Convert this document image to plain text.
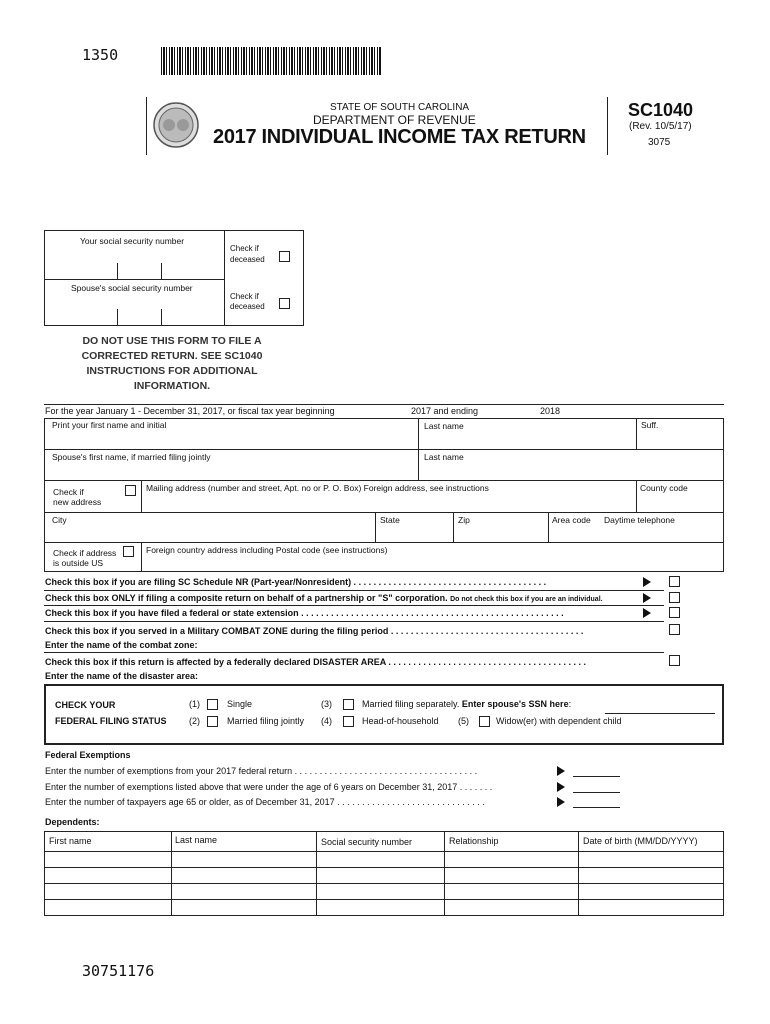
1350
STATE OF SOUTH CAROLINA
DEPARTMENT OF REVENUE
2017 INDIVIDUAL INCOME TAX RETURN
SC1040
(Rev. 10/5/17)
3075
Your social security number
Check if
deceased
Spouse's social security number
Check if
deceased
DO NOT USE THIS FORM TO FILE A
CORRECTED RETURN. SEE SC1040
INSTRUCTIONS FOR ADDITIONAL
INFORMATION.
For the year January 1 - December 31, 2017, or fiscal tax year beginning	2017 and ending	2018
Print your first name and initial	Last name	Suff.
Spouse's first name, if married filing jointly	Last name
Check if
new address
Mailing address (number and street, Apt. no or P. O. Box) Foreign address, see instructions	County code
City	State	Zip	Area code Daytime telephone
Check if address
is outside US
Foreign country address including Postal code (see instructions)
Check this box if you are filing SC Schedule NR (Part-year/Nonresident) . . . . . . . . . . . . . . . . . . . . . . . . . . . . . . . . . . . . . . .
Check this box ONLY if filing a composite return on behalf of a partnership or "S" corporation. Do not check this box if you are an individual.
Check this box if you have filed a federal or state extension . . . . . . . . . . . . . . . . . . . . . . . . . . . . . . . . . . . . . . . . . . . . . . . . . . . . .
Check this box if you served in a Military COMBAT ZONE during the filing period . . . . . . . . . . . . . . . . . . . . . . . . . . . . . . . . . . . . . . .
Enter the name of the combat zone:
Check this box if this return is affected by a federally declared DISASTER AREA . . . . . . . . . . . . . . . . . . . . . . . . . . . . . . . . . . . . . . . .
Enter the name of the disaster area:
CHECK YOUR
FEDERAL FILING STATUS
(1)	Single
(2)	Married filing jointly
(3)	Married filing separately. Enter spouse's SSN here:
(4)	Head-of-household (5)	Widow(er) with dependent child
Federal Exemptions
Enter the number of exemptions from your 2017 federal return . . . . . . . . . . . . . . . . . . . . . . . . . . . . . . . . . . . . .
Enter the number of exemptions listed above that were under the age of 6 years on December 31, 2017 . . . . . . .
Enter the number of taxpayers age 65 or older, as of December 31, 2017 . . . . . . . . . . . . . . . . . . . . . . . . . . . . . .
Dependents:
First name	Last name	Social security number	Relationship	Date of birth (MM/DD/YYYY)
30751176
